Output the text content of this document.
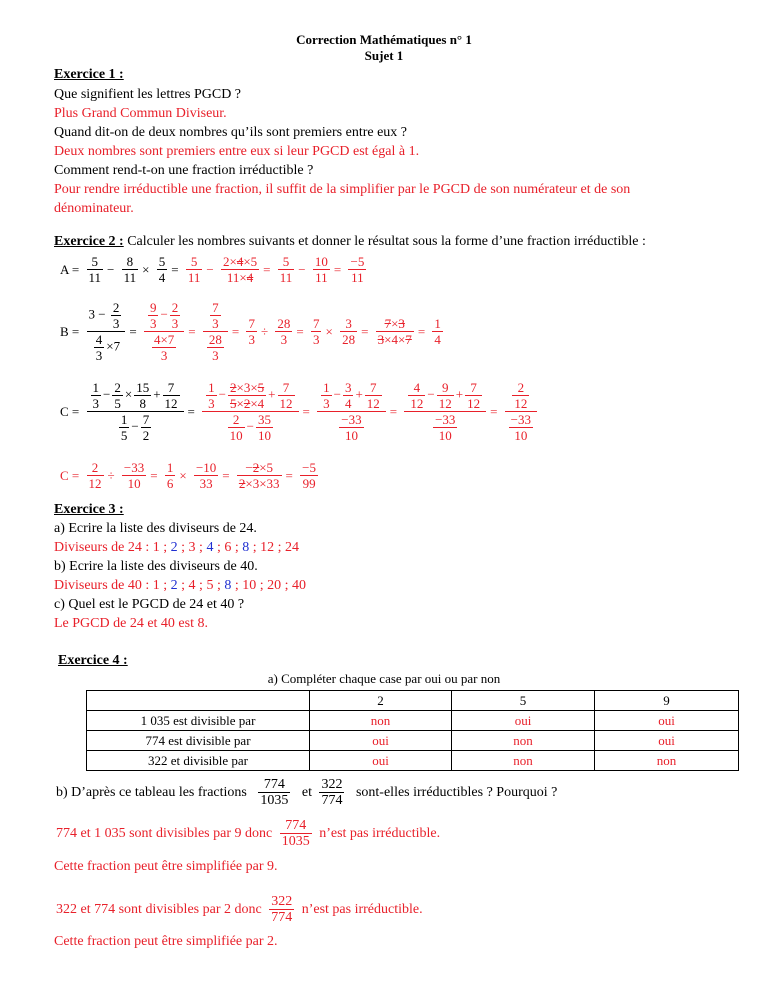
Correction Mathématiques n° 1
Sujet 1
Exercice 1 :
Que signifient les lettres PGCD ?
Plus Grand Commun Diviseur.
Quand dit-on de deux nombres qu’ils sont premiers entre eux ?
Deux nombres sont premiers entre eux si leur PGCD est égal à 1.
Comment rend-t-on une fraction irréductible ?
Pour rendre irréductible une fraction, il suffit de la simplifier par le PGCD de son numérateur et de son
dénominateur.
Exercice 2 : Calculer les nombres suivants et donner le résultat sous la forme d’une fraction irréductible :
$A = \frac{5}{11} - \frac{8}{11} \times \frac{5}{4} = \frac{5}{11} - \frac{2\times 4\times 5}{11\times 4} = \frac{5}{11} - \frac{10}{11} = \frac{-5}{11}$
$B = \frac{3 - \frac{2}{3}}{\frac{4}{3} \times 7} = \frac{\frac{9}{3} - \frac{2}{3}}{\frac{4\times 7}{3}} = \frac{\frac{7}{3}}{\frac{28}{3}} = \frac{7}{3} \div \frac{28}{3} = \frac{7}{3} \times \frac{3}{28} = \frac{7\times 3}{3\times 4\times 7} = \frac{1}{4}$
$C = \frac{\frac{1}{3} - \frac{2}{5} \times \frac{15}{8} + \frac{7}{12}}{\frac{1}{5} - \frac{7}{2}} = \frac{\frac{1}{3} - \frac{2\times 3\times 5}{5\times 2\times 4} + \frac{7}{12}}{\frac{2}{10} - \frac{35}{10}} = \frac{\frac{1}{3} - \frac{3}{4} + \frac{7}{12}}{\frac{-33}{10}} = \frac{\frac{4}{12} - \frac{9}{12} + \frac{7}{12}}{\frac{-33}{10}} = \frac{\frac{2}{12}}{\frac{-33}{10}}$
$C = \frac{2}{12} \div \frac{-33}{10} = \frac{1}{6} \times \frac{-10}{33} = \frac{-2\times 5}{2\times 3\times 33} = \frac{-5}{99}$
Exercice 3 :
a) Ecrire la liste des diviseurs de 24.
Diviseurs de 24 : 1 ; 2 ; 3 ; 4 ; 6 ; 8 ; 12 ; 24
b) Ecrire la liste des diviseurs de 40.
Diviseurs de 40 : 1 ; 2 ; 4 ; 5 ; 8 ; 10 ; 20 ; 40
c) Quel est le PGCD de 24 et 40 ?
Le PGCD de 24 et 40 est 8.
Exercice 4 :
a) Compléter chaque case par oui ou par non
	2	5	9
1 035 est divisible par	non	oui	oui
774 est divisible par	oui	non	oui
322 et divisible par	oui	non	non
b) D’après ce tableau les fractions $\frac{774}{1035}$ et $\frac{322}{774}$ sont-elles irréductibles ? Pourquoi ?
774 et 1 035 sont divisibles par 9 donc $\frac{774}{1035}$ n’est pas irréductible.
Cette fraction peut être simplifiée par 9.
322 et 774 sont divisibles par 2 donc $\frac{322}{774}$ n’est pas irréductible.
Cette fraction peut être simplifiée par 2.
